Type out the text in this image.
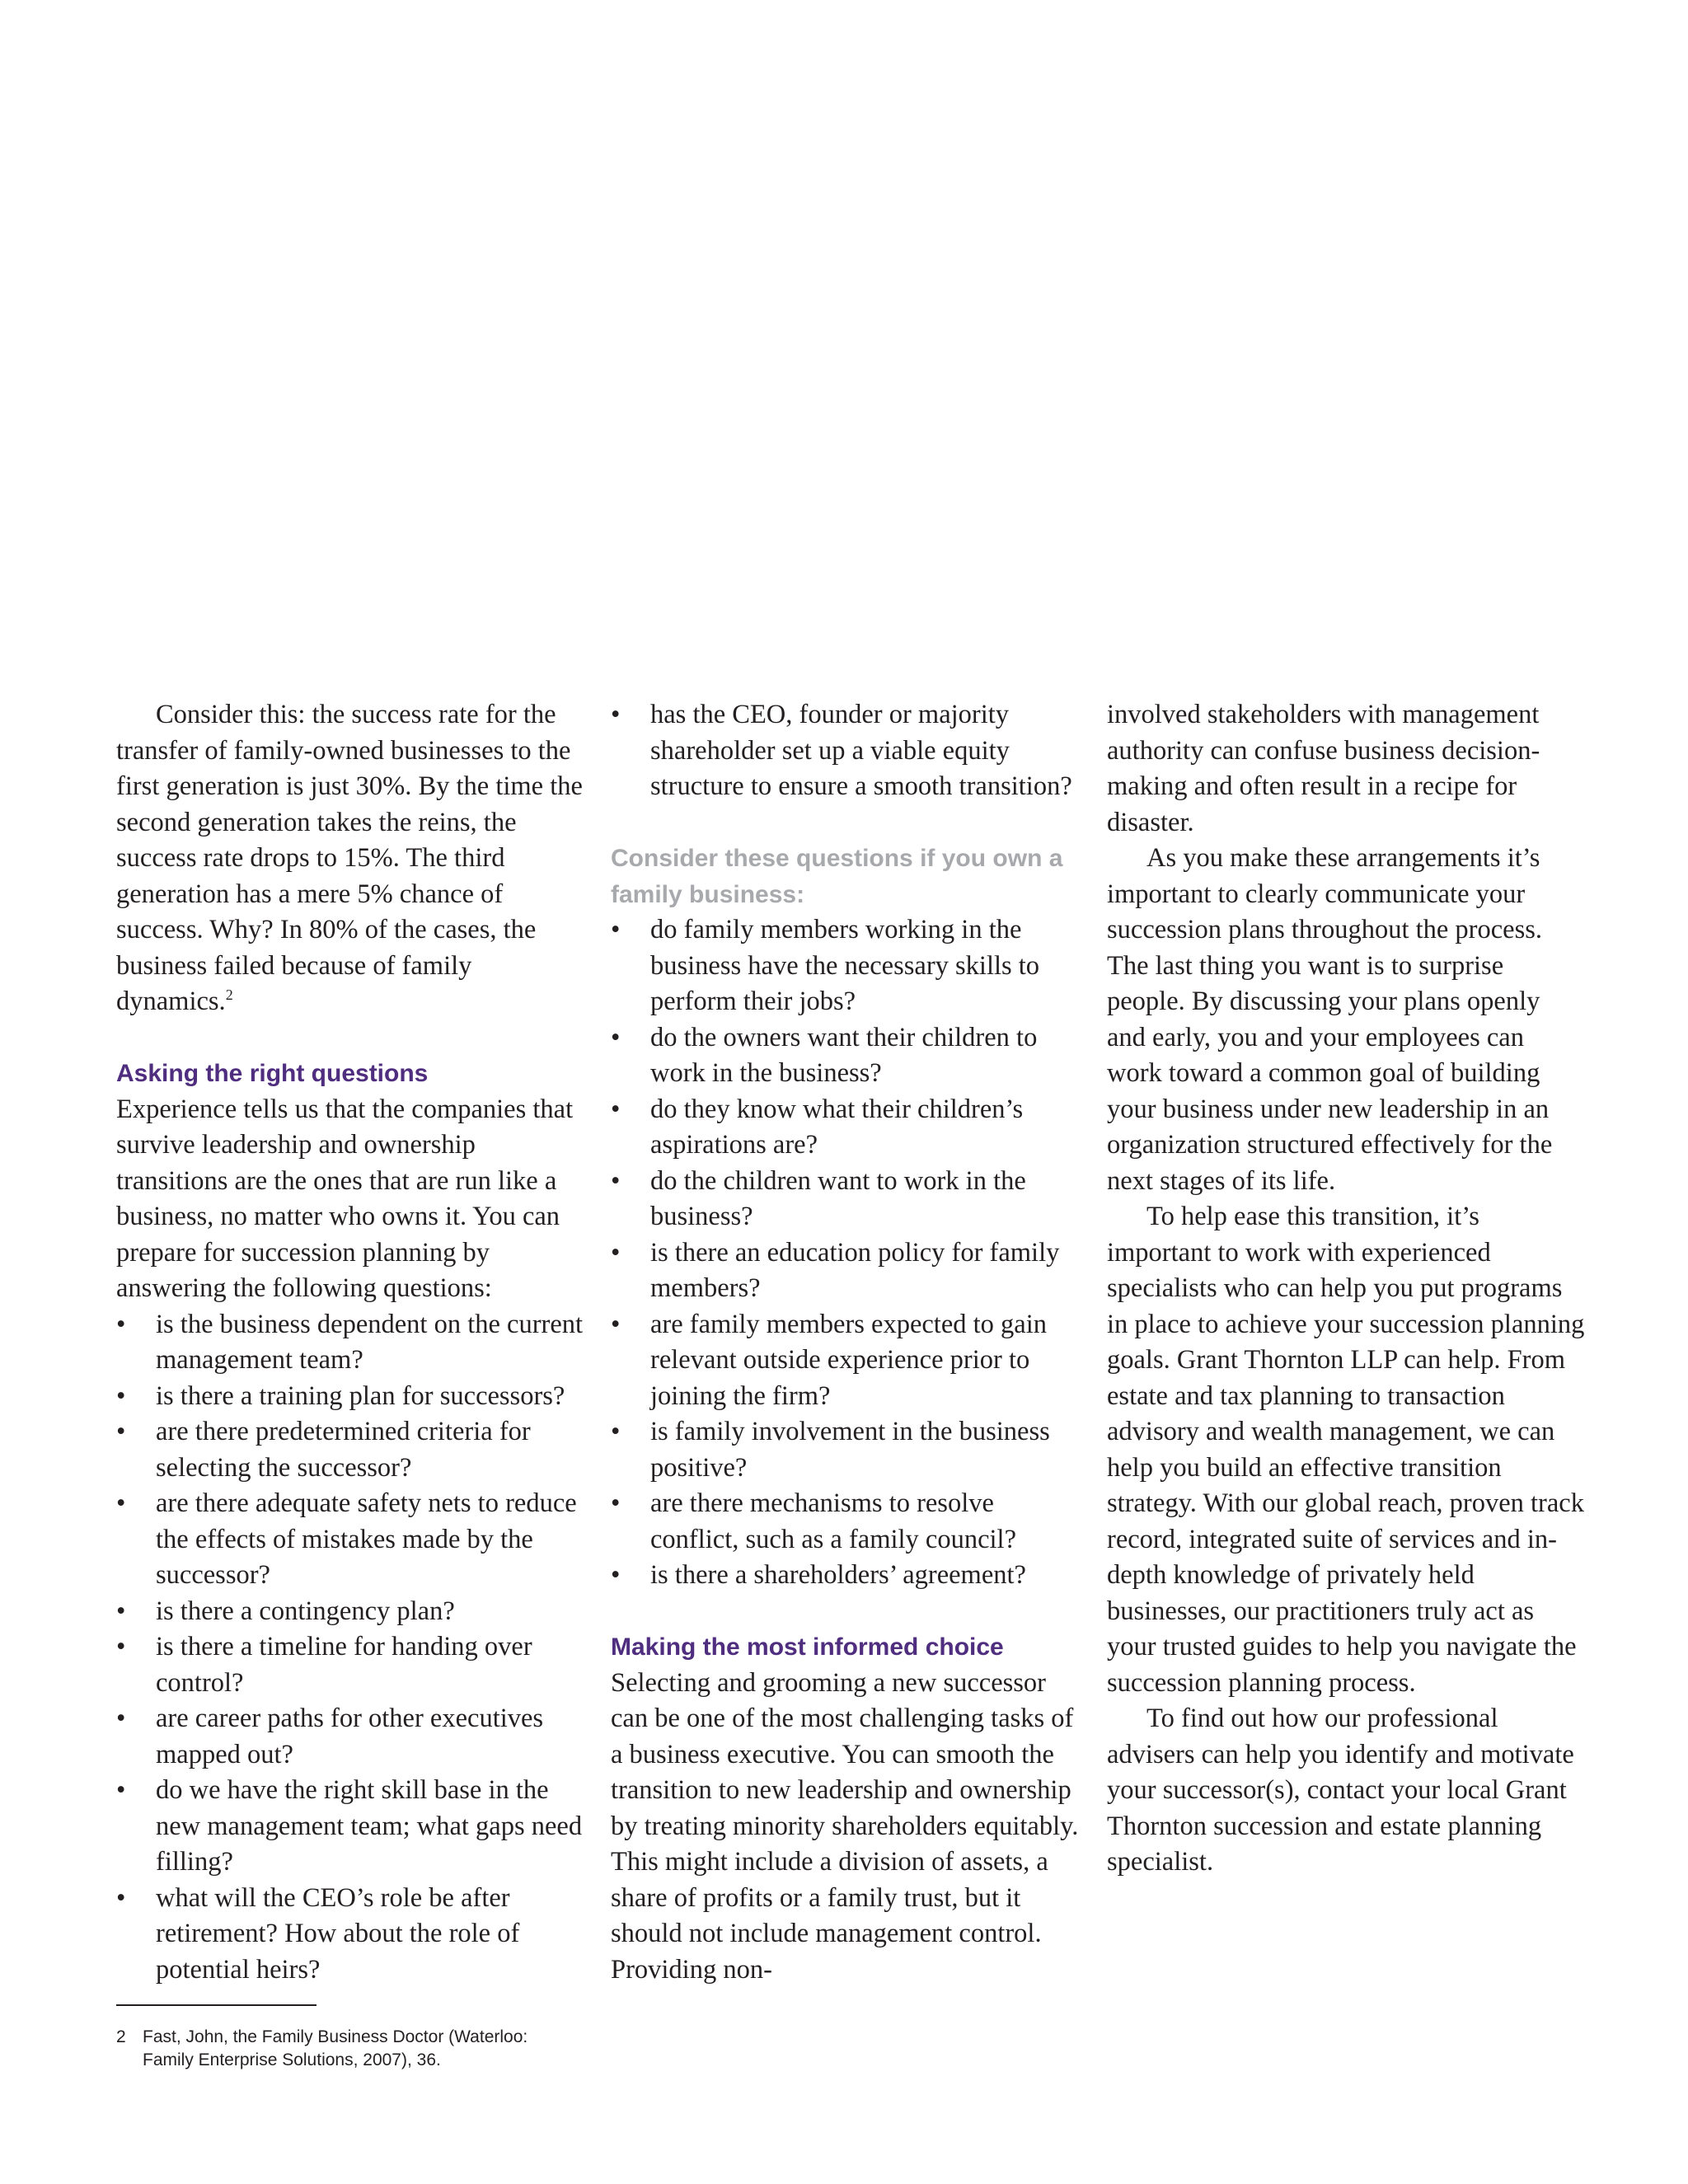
Consider this: the success rate for the transfer of family-owned businesses to the first generation is just 30%. By the time the second generation takes the reins, the success rate drops to 15%. The third generation has a mere 5% chance of success. Why? In 80% of the cases, the business failed because of family dynamics.$^2$

Asking the right questions

Experience tells us that the companies that survive leadership and ownership transitions are the ones that are run like a business, no matter who owns it. You can prepare for succession planning by answering the following questions:

• is the business dependent on the current management team?
• is there a training plan for successors?
• are there predetermined criteria for selecting the successor?
• are there adequate safety nets to reduce the effects of mistakes made by the successor?
• is there a contingency plan?
• is there a timeline for handing over control?
• are career paths for other executives mapped out?
• do we have the right skill base in the new management team; what gaps need filling?
• what will the CEO’s role be after retirement? How about the role of potential heirs?
• has the CEO, founder or majority shareholder set up a viable equity structure to ensure a smooth transition?
Consider these questions if you own a family business:
• do family members working in the business have the necessary skills to perform their jobs?
• do the owners want their children to work in the business?
• do they know what their children’s aspirations are?
• do the children want to work in the business?
• is there an education policy for family members?
• are family members expected to gain relevant outside experience prior to joining the firm?
• is family involvement in the business positive?
• are there mechanisms to resolve conflict, such as a family council?
• is there a shareholders’ agreement?
Making the most informed choice

Selecting and grooming a new successor can be one of the most challenging tasks of a business executive. You can smooth the transition to new leadership and ownership by treating minority shareholders equitably. This might include a division of assets, a share of profits or a family trust, but it should not include management control. Providing non-

involved stakeholders with management authority can confuse business decision-making and often result in a recipe for disaster.

As you make these arrangements it’s important to clearly communicate your succession plans throughout the process. The last thing you want is to surprise people. By discussing your plans openly and early, you and your employees can work toward a common goal of building your business under new leadership in an organization structured effectively for the next stages of its life.

To help ease this transition, it’s important to work with experienced specialists who can help you put programs in place to achieve your succession planning goals. Grant Thornton LLP can help. From estate and tax planning to transaction advisory and wealth management, we can help you build an effective transition strategy. With our global reach, proven track record, integrated suite of services and in-depth knowledge of privately held businesses, our practitioners truly act as your trusted guides to help you navigate the succession planning process.

To find out how our professional advisers can help you identify and motivate your successor(s), contact your local Grant Thornton succession and estate planning specialist.

2 Fast, John, the Family Business Doctor (Waterloo: Family Enterprise Solutions, 2007), 36.
